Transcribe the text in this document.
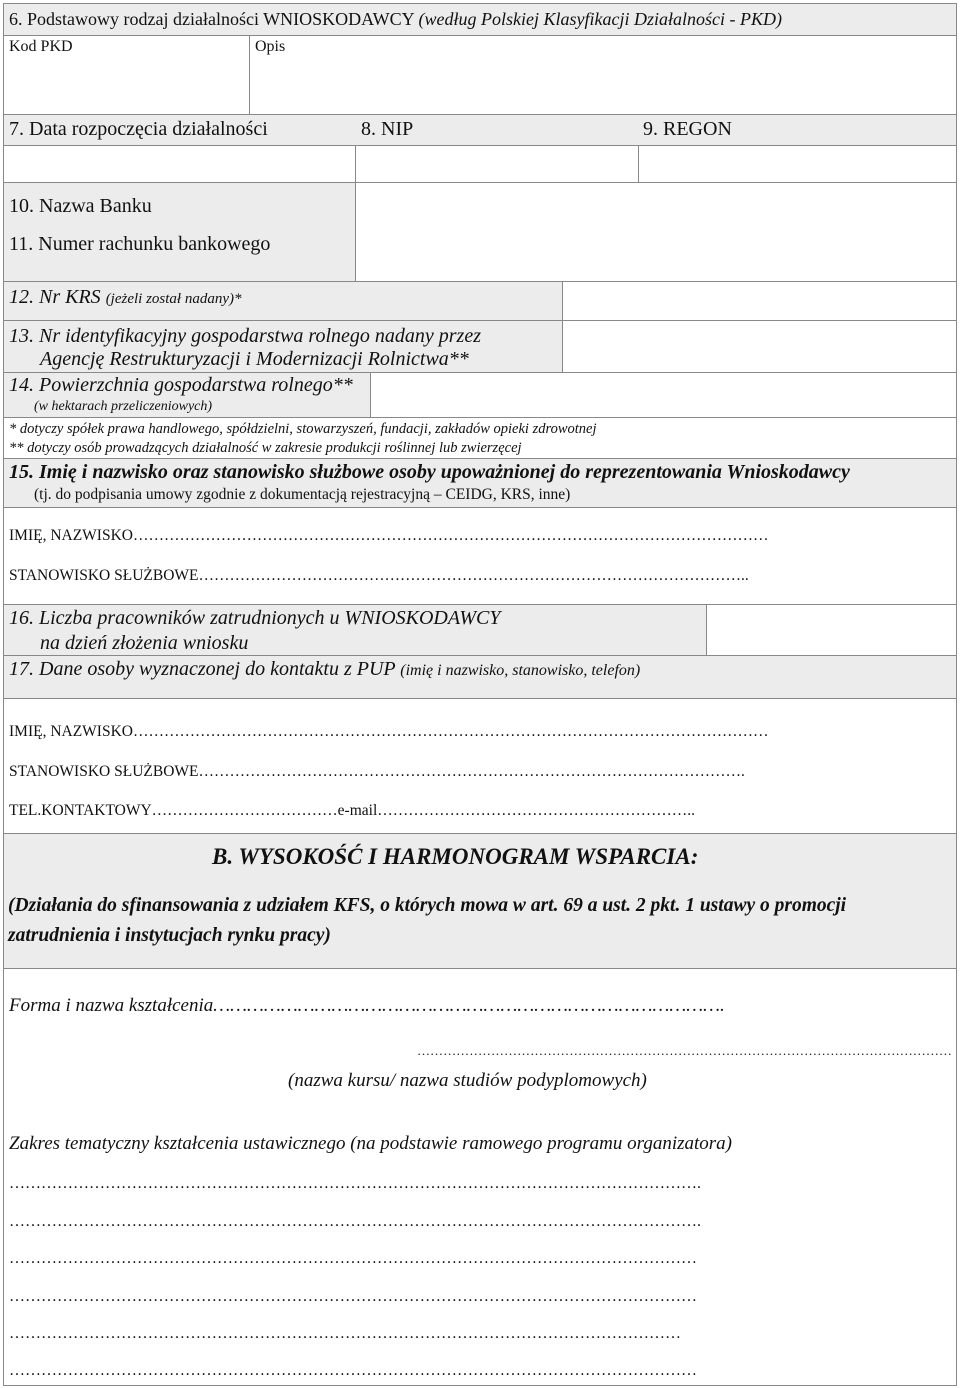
6. Podstawowy rodzaj działalności WNIOSKODAWCY (według Polskiej Klasyfikacji Działalności - PKD)
Kod PKD	Opis
7. Data rozpoczęcia działalności	8. NIP	9. REGON
10. Nazwa Banku
11. Numer rachunku bankowego
12. Nr KRS (jeżeli został nadany)*
13. Nr identyfikacyjny gospodarstwa rolnego nadany przez
Agencję Restrukturyzacji i Modernizacji Rolnictwa**
14. Powierzchnia gospodarstwa rolnego**
(w hektarach przeliczeniowych)
* dotyczy spółek prawa handlowego, spółdzielni, stowarzyszeń, fundacji, zakładów opieki zdrowotnej
** dotyczy osób prowadzących działalność w zakresie produkcji roślinnej lub zwierzęcej
15. Imię i nazwisko oraz stanowisko służbowe osoby upoważnionej do reprezentowania Wnioskodawcy
(tj. do podpisania umowy zgodnie z dokumentacją rejestracyjną – CEIDG, KRS, inne)
IMIĘ, NAZWISKO……………………………………………………………………………………………………………
STANOWISKO SŁUŻBOWE……………………………………………………………………………………………..
16. Liczba pracowników zatrudnionych u WNIOSKODAWCY
na dzień złożenia wniosku
17. Dane osoby wyznaczonej do kontaktu z PUP (imię i nazwisko, stanowisko, telefon)
IMIĘ, NAZWISKO……………………………………………………………………………………………………………
STANOWISKO SŁUŻBOWE…………………………………………………………………………………………….
TEL.KONTAKTOWY………………………………e-mail……………………………………………………..
B. WYSOKOŚĆ I HARMONOGRAM WSPARCIA:
(Działania do sfinansowania z udziałem KFS, o których mowa w art. 69 a ust. 2 pkt. 1 ustawy o promocji
zatrudnienia i instytucjach rynku pracy)
Forma i nazwa kształcenia……………………………………………………………………………….
……………………………………………………………………………………………………………
(nazwa kursu/ nazwa studiów podyplomowych)
Zakres tematyczny kształcenia ustawicznego (na podstawie ramowego programu organizatora)
………………………………………………………………………………………………………………….
………………………………………………………………………………………………………………….
…………………………………………………………………………………………………………………
…………………………………………………………………………………………………………………
………………………………………………………………………………………………………………
…………………………………………………………………………………………………………………
